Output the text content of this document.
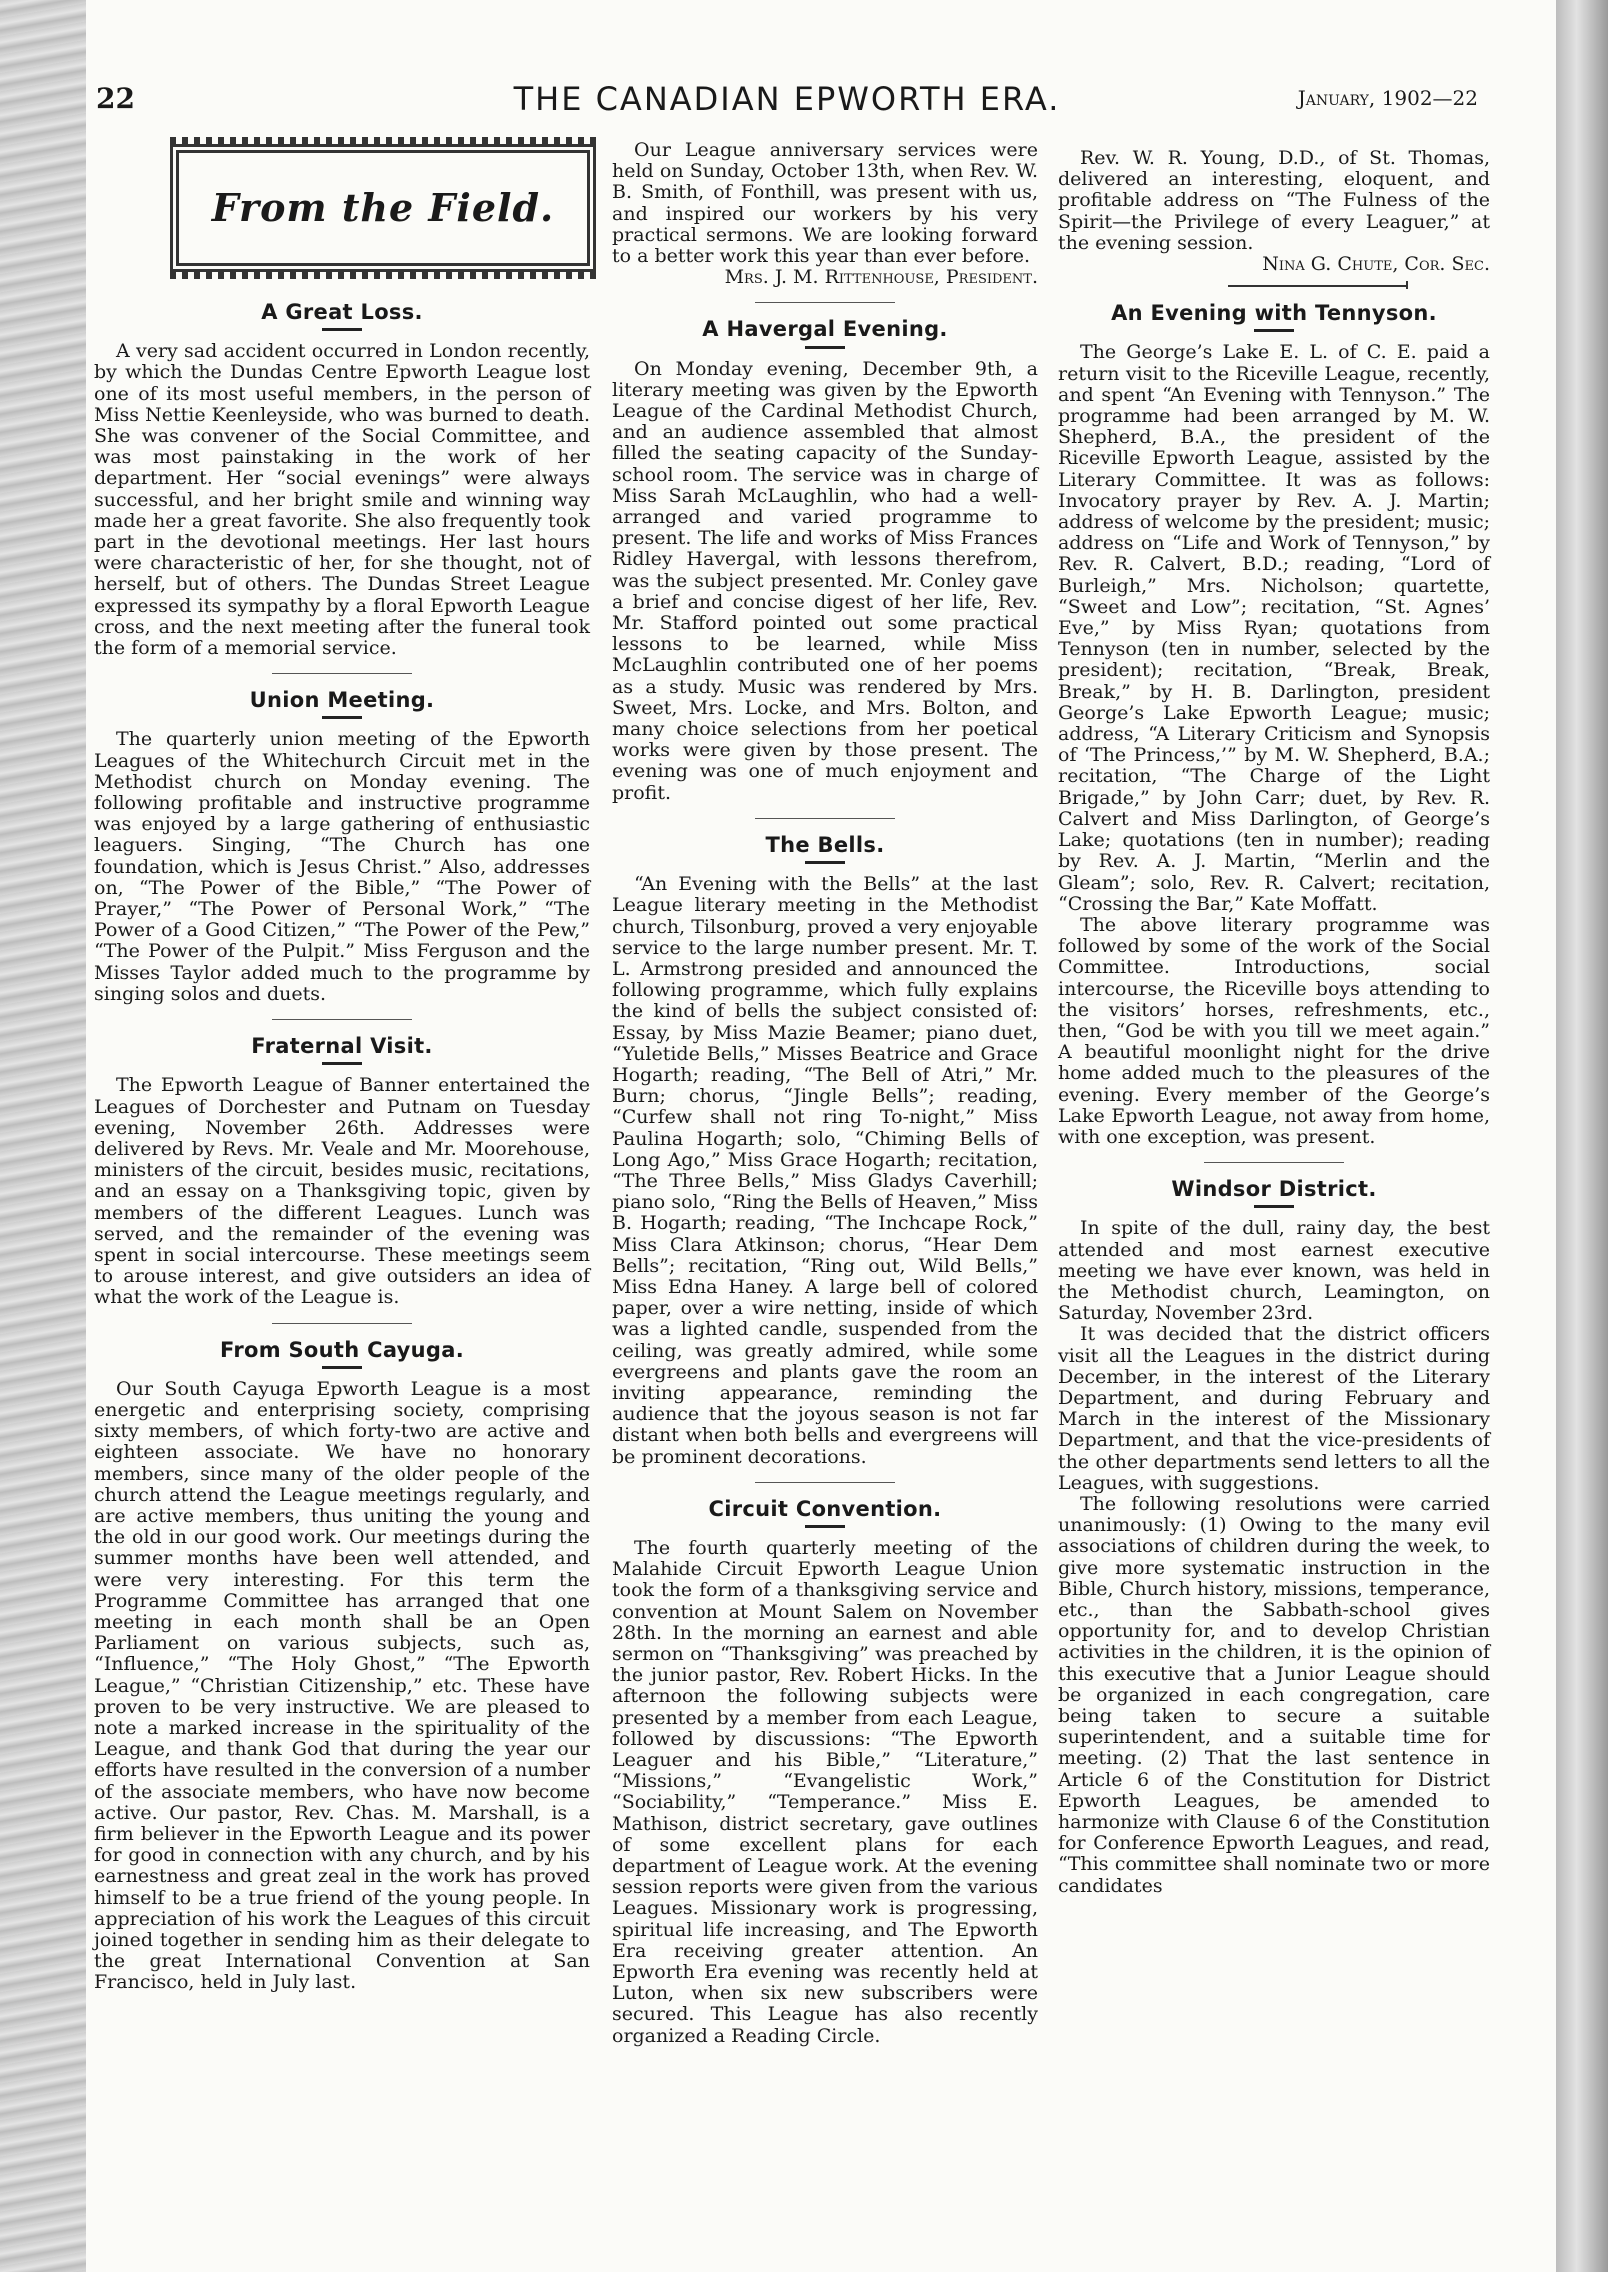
22	THE CANADIAN EPWORTH ERA.	January, 1902—22
From the Field.
A Great Loss.

A very sad accident occurred in London recently, by which the Dundas Centre Epworth League lost one of its most useful members, in the person of Miss Nettie Keenleyside, who was burned to death. She was convener of the Social Committee, and was most painstaking in the work of her department. Her “social evenings” were always successful, and her bright smile and winning way made her a great favorite. She also frequently took part in the devotional meetings. Her last hours were characteristic of her, for she thought, not of herself, but of others. The Dundas Street League expressed its sympathy by a floral Epworth League cross, and the next meeting after the funeral took the form of a memorial service.

Union Meeting.

The quarterly union meeting of the Epworth Leagues of the Whitechurch Circuit met in the Methodist church on Monday evening. The following profitable and instructive programme was enjoyed by a large gathering of enthusiastic leaguers. Singing, “The Church has one foundation, which is Jesus Christ.” Also, addresses on, “The Power of the Bible,” “The Power of Prayer,” “The Power of Personal Work,” “The Power of a Good Citizen,” “The Power of the Pew,” “The Power of the Pulpit.” Miss Ferguson and the Misses Taylor added much to the programme by singing solos and duets.

Fraternal Visit.

The Epworth League of Banner entertained the Leagues of Dorchester and Putnam on Tuesday evening, November 26th. Addresses were delivered by Revs. Mr. Veale and Mr. Moorehouse, ministers of the circuit, besides music, recitations, and an essay on a Thanksgiving topic, given by members of the different Leagues. Lunch was served, and the remainder of the evening was spent in social intercourse. These meetings seem to arouse interest, and give outsiders an idea of what the work of the League is.

From South Cayuga.

Our South Cayuga Epworth League is a most energetic and enterprising society, comprising sixty members, of which forty-two are active and eighteen associate. We have no honorary members, since many of the older people of the church attend the League meetings regularly, and are active members, thus uniting the young and the old in our good work. Our meetings during the summer months have been well attended, and were very interesting. For this term the Programme Committee has arranged that one meeting in each month shall be an Open Parliament on various subjects, such as, “Influence,” “The Holy Ghost,” “The Epworth League,” “Christian Citizenship,” etc. These have proven to be very instructive. We are pleased to note a marked increase in the spirituality of the League, and thank God that during the year our efforts have resulted in the conversion of a number of the associate members, who have now become active. Our pastor, Rev. Chas. M. Marshall, is a firm believer in the Epworth League and its power for good in connection with any church, and by his earnestness and great zeal in the work has proved himself to be a true friend of the young people. In appreciation of his work the Leagues of this circuit joined together in sending him as their delegate to the great International Convention at San Francisco, held in July last.

Our League anniversary services were held on Sunday, October 13th, when Rev. W. B. Smith, of Fonthill, was present with us, and inspired our workers by his very practical sermons. We are looking forward to a better work this year than ever before.

Mrs. J. M. Rittenhouse, President.

A Havergal Evening.

On Monday evening, December 9th, a literary meeting was given by the Epworth League of the Cardinal Methodist Church, and an audience assembled that almost filled the seating capacity of the Sunday-school room. The service was in charge of Miss Sarah McLaughlin, who had a well-arranged and varied programme to present. The life and works of Miss Frances Ridley Havergal, with lessons therefrom, was the subject presented. Mr. Conley gave a brief and concise digest of her life, Rev. Mr. Stafford pointed out some practical lessons to be learned, while Miss McLaughlin contributed one of her poems as a study. Music was rendered by Mrs. Sweet, Mrs. Locke, and Mrs. Bolton, and many choice selections from her poetical works were given by those present. The evening was one of much enjoyment and profit.

The Bells.

“An Evening with the Bells” at the last League literary meeting in the Methodist church, Tilsonburg, proved a very enjoyable service to the large number present. Mr. T. L. Armstrong presided and announced the following programme, which fully explains the kind of bells the subject consisted of: Essay, by Miss Mazie Beamer; piano duet, “Yuletide Bells,” Misses Beatrice and Grace Hogarth; reading, “The Bell of Atri,” Mr. Burn; chorus, “Jingle Bells”; reading, “Curfew shall not ring To-night,” Miss Paulina Hogarth; solo, “Chiming Bells of Long Ago,” Miss Grace Hogarth; recitation, “The Three Bells,” Miss Gladys Caverhill; piano solo, “Ring the Bells of Heaven,” Miss B. Hogarth; reading, “The Inchcape Rock,” Miss Clara Atkinson; chorus, “Hear Dem Bells”; recitation, “Ring out, Wild Bells,” Miss Edna Haney. A large bell of colored paper, over a wire netting, inside of which was a lighted candle, suspended from the ceiling, was greatly admired, while some evergreens and plants gave the room an inviting appearance, reminding the audience that the joyous season is not far distant when both bells and evergreens will be prominent decorations.

Circuit Convention.

The fourth quarterly meeting of the Malahide Circuit Epworth League Union took the form of a thanksgiving service and convention at Mount Salem on November 28th. In the morning an earnest and able sermon on “Thanksgiving” was preached by the junior pastor, Rev. Robert Hicks. In the afternoon the following subjects were presented by a member from each League, followed by discussions: “The Epworth Leaguer and his Bible,” “Literature,” “Missions,” “Evangelistic Work,” “Sociability,” “Temperance.” Miss E. Mathison, district secretary, gave outlines of some excellent plans for each department of League work. At the evening session reports were given from the various Leagues. Missionary work is progressing, spiritual life increasing, and The Epworth Era receiving greater attention. An Epworth Era evening was recently held at Luton, when six new subscribers were secured. This League has also recently organized a Reading Circle.

Rev. W. R. Young, D.D., of St. Thomas, delivered an interesting, eloquent, and profitable address on “The Fulness of the Spirit—the Privilege of every Leaguer,” at the evening session.

Nina G. Chute, Cor. Sec.

An Evening with Tennyson.

The George’s Lake E. L. of C. E. paid a return visit to the Riceville League, recently, and spent “An Evening with Tennyson.” The programme had been arranged by M. W. Shepherd, B.A., the president of the Riceville Epworth League, assisted by the Literary Committee. It was as follows: Invocatory prayer by Rev. A. J. Martin; address of welcome by the president; music; address on “Life and Work of Tennyson,” by Rev. R. Calvert, B.D.; reading, “Lord of Burleigh,” Mrs. Nicholson; quartette, “Sweet and Low”; recitation, “St. Agnes’ Eve,” by Miss Ryan; quotations from Tennyson (ten in number, selected by the president); recitation, “Break, Break, Break,” by H. B. Darlington, president George’s Lake Epworth League; music; address, “A Literary Criticism and Synopsis of ‘The Princess,’” by M. W. Shepherd, B.A.; recitation, “The Charge of the Light Brigade,” by John Carr; duet, by Rev. R. Calvert and Miss Darlington, of George’s Lake; quotations (ten in number); reading by Rev. A. J. Martin, “Merlin and the Gleam”; solo, Rev. R. Calvert; recitation, “Crossing the Bar,” Kate Moffatt.

The above literary programme was followed by some of the work of the Social Committee. Introductions, social intercourse, the Riceville boys attending to the visitors’ horses, refreshments, etc., then, “God be with you till we meet again.” A beautiful moonlight night for the drive home added much to the pleasures of the evening. Every member of the George’s Lake Epworth League, not away from home, with one exception, was present.

Windsor District.

In spite of the dull, rainy day, the best attended and most earnest executive meeting we have ever known, was held in the Methodist church, Leamington, on Saturday, November 23rd.

It was decided that the district officers visit all the Leagues in the district during December, in the interest of the Literary Department, and during February and March in the interest of the Missionary Department, and that the vice-presidents of the other departments send letters to all the Leagues, with suggestions.

The following resolutions were carried unanimously: (1) Owing to the many evil associations of children during the week, to give more systematic instruction in the Bible, Church history, missions, temperance, etc., than the Sabbath-school gives opportunity for, and to develop Christian activities in the children, it is the opinion of this executive that a Junior League should be organized in each congregation, care being taken to secure a suitable superintendent, and a suitable time for meeting. (2) That the last sentence in Article 6 of the Constitution for District Epworth Leagues, be amended to harmonize with Clause 6 of the Constitution for Conference Epworth Leagues, and read, “This committee shall nominate two or more candidates
